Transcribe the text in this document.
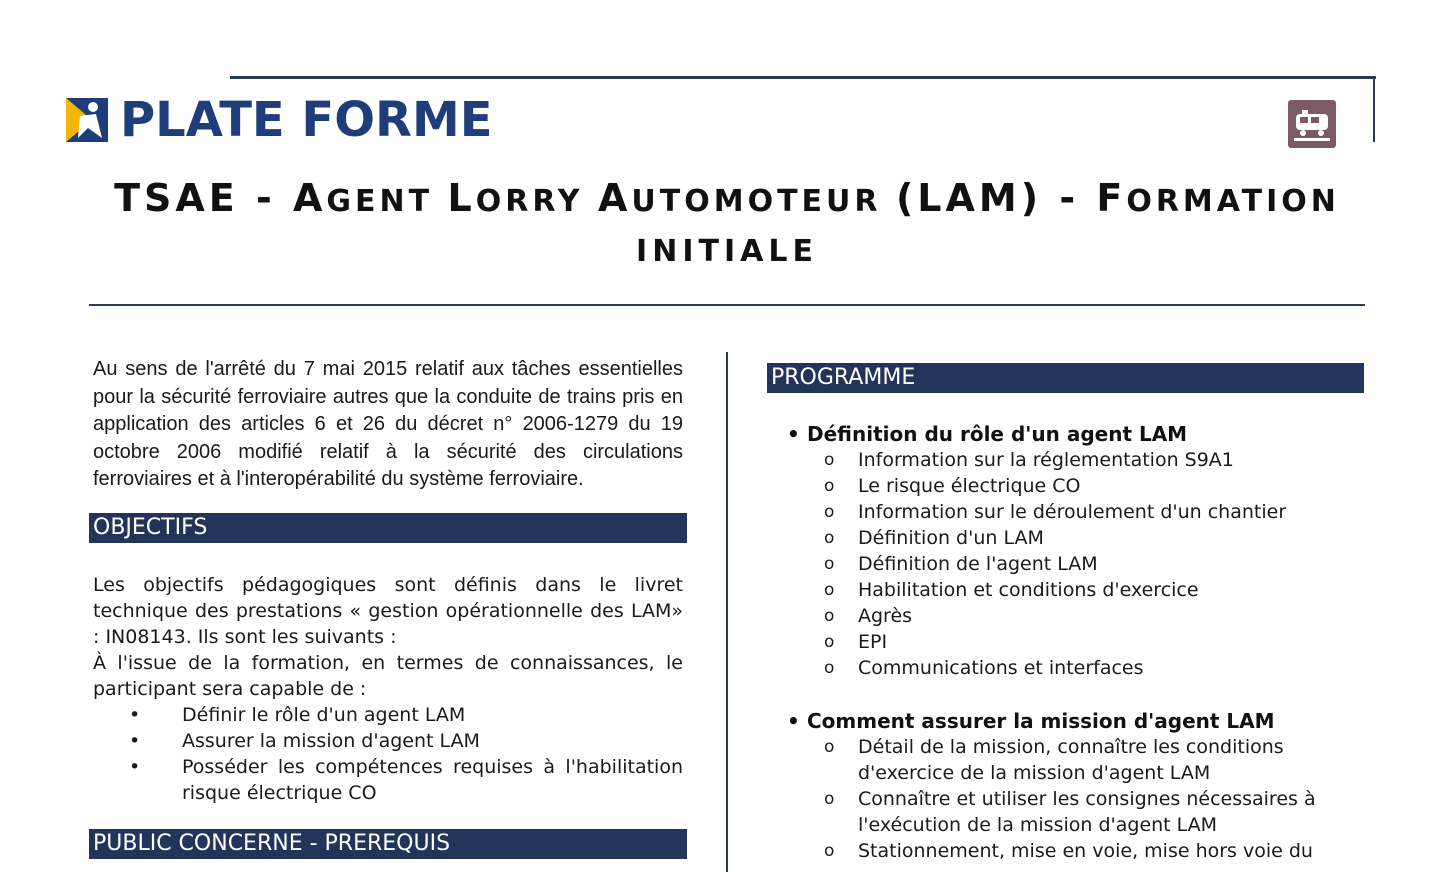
PLATE FORME
TSAE - AGENT LORRY AUTOMOTEUR (LAM) - FORMATION
INITIALE
Au sens de l'arrêté du 7 mai 2015 relatif aux tâches essentielles pour la sécurité ferroviaire autres que la conduite de trains pris en application des articles 6 et 26 du décret n° 2006-1279 du 19 octobre 2006 modifié relatif à la sécurité des circulations ferroviaires et à l'interopérabilité du système ferroviaire.
OBJECTIFS
Les objectifs pédagogiques sont définis dans le livret technique des prestations « gestion opérationnelle des LAM» : IN08143. Ils sont les suivants :
À l'issue de la formation, en termes de connaissances, le participant sera capable de :
• Définir le rôle d'un agent LAM
• Assurer la mission d'agent LAM
• Posséder les compétences requises à l'habilitation risque électrique CO
PUBLIC CONCERNE - PREREQUIS
PROGRAMME
• Définition du rôle d'un agent LAM
o Information sur la réglementation S9A1
o Le risque électrique CO
o Information sur le déroulement d'un chantier
o Définition d'un LAM
o Définition de l'agent LAM
o Habilitation et conditions d'exercice
o Agrès
o EPI
o Communications et interfaces
• Comment assurer la mission d'agent LAM
o Détail de la mission, connaître les conditions d'exercice de la mission d'agent LAM
o Connaître et utiliser les consignes nécessaires à l'exécution de la mission d'agent LAM
o Stationnement, mise en voie, mise hors voie du
